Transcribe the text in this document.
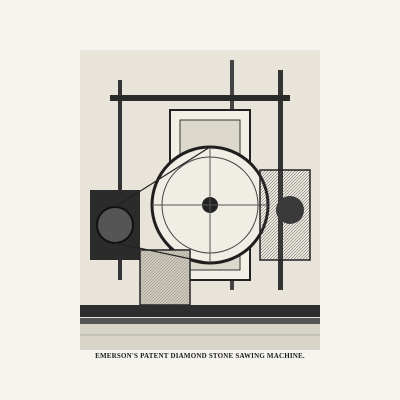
EMERSON'S PATENT DIAMOND STONE SAWING MACHINE.
